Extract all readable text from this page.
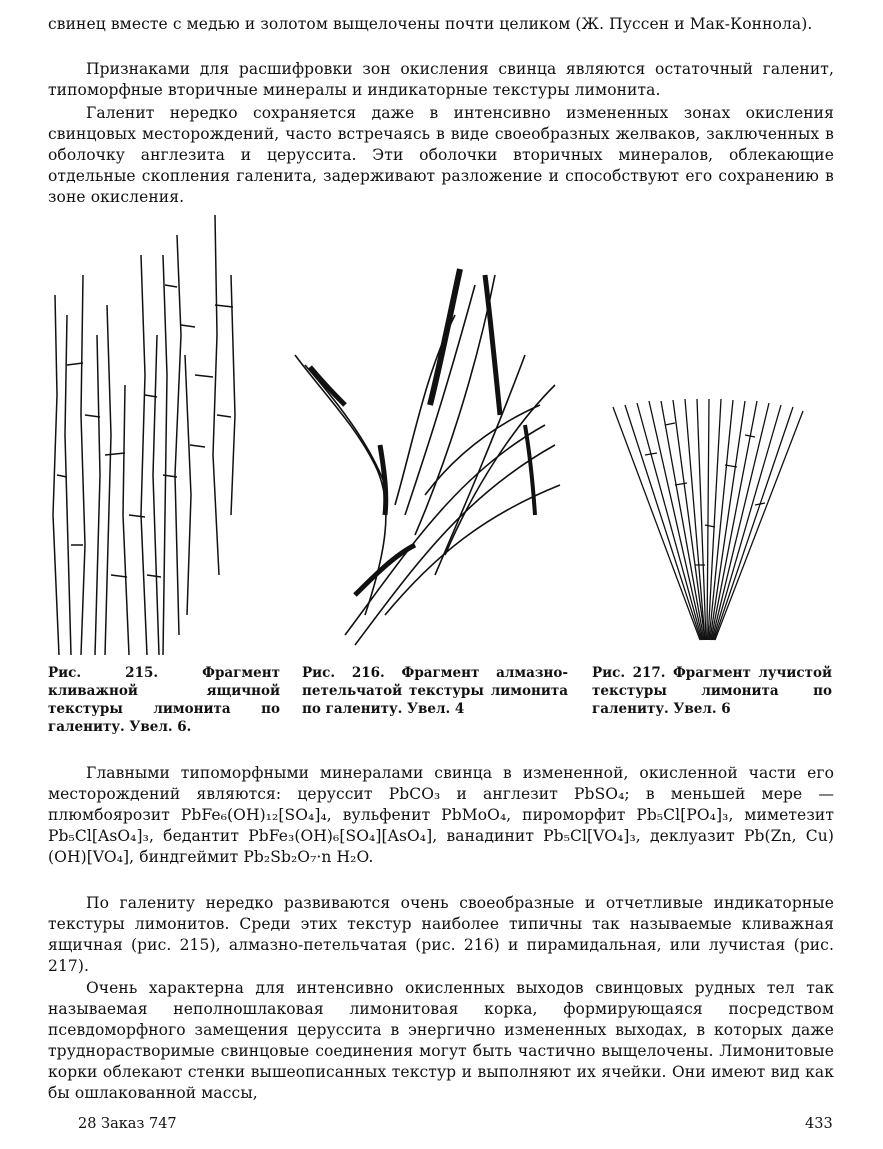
свинец вместе с медью и золотом выщелочены почти целиком (Ж. Пуссен и Мак-Коннола).

Признаками для расшифровки зон окисления свинца являются остаточный галенит, типоморфные вторичные минералы и индикаторные текстуры лимонита.

Галенит нередко сохраняется даже в интенсивно измененных зонах окисления свинцовых месторождений, часто встречаясь в виде своеобразных желваков, заключенных в оболочку англезита и церуссита. Эти оболочки вторичных минералов, облекающие отдельные скопления галенита, задерживают разложение и способствуют его сохранению в зоне окисления.

Рис. 215. Фрагмент кливажной ящичной текстуры лимонита по галениту. Увел. 6.

Рис. 216. Фрагмент алмазно-петельчатой текстуры лимонита по галениту. Увел. 4

Рис. 217. Фрагмент лучистой текстуры лимонита по галениту. Увел. 6

Главными типоморфными минералами свинца в измененной, окисленной части его месторождений являются: церуссит PbCO₃ и англезит PbSO₄; в меньшей мере — плюмбоярозит PbFe₆(OH)₁₂[SO₄]₄, вульфенит PbMoO₄, пироморфит Pb₅Cl[PO₄]₃, миметезит Pb₅Cl[AsO₄]₃, бедантит PbFe₃(OH)₆[SO₄][AsO₄], ванадинит Pb₅Cl[VO₄]₃, деклуазит Pb(Zn, Cu)(OH)[VO₄], биндгеймит Pb₂Sb₂O₇·n H₂O.

По галениту нередко развиваются очень своеобразные и отчетливые индикаторные текстуры лимонитов. Среди этих текстур наиболее типичны так называемые кливажная ящичная (рис. 215), алмазно-петельчатая (рис. 216) и пирамидальная, или лучистая (рис. 217).

Очень характерна для интенсивно окисленных выходов свинцовых рудных тел так называемая неполношлаковая лимонитовая корка, формирующаяся посредством псевдоморфного замещения церуссита в энергично измененных выходах, в которых даже труднорастворимые свинцовые соединения могут быть частично выщелочены. Лимонитовые корки облекают стенки вышеописанных текстур и выполняют их ячейки. Они имеют вид как бы ошлакованной массы,

28 Заказ 747	433
